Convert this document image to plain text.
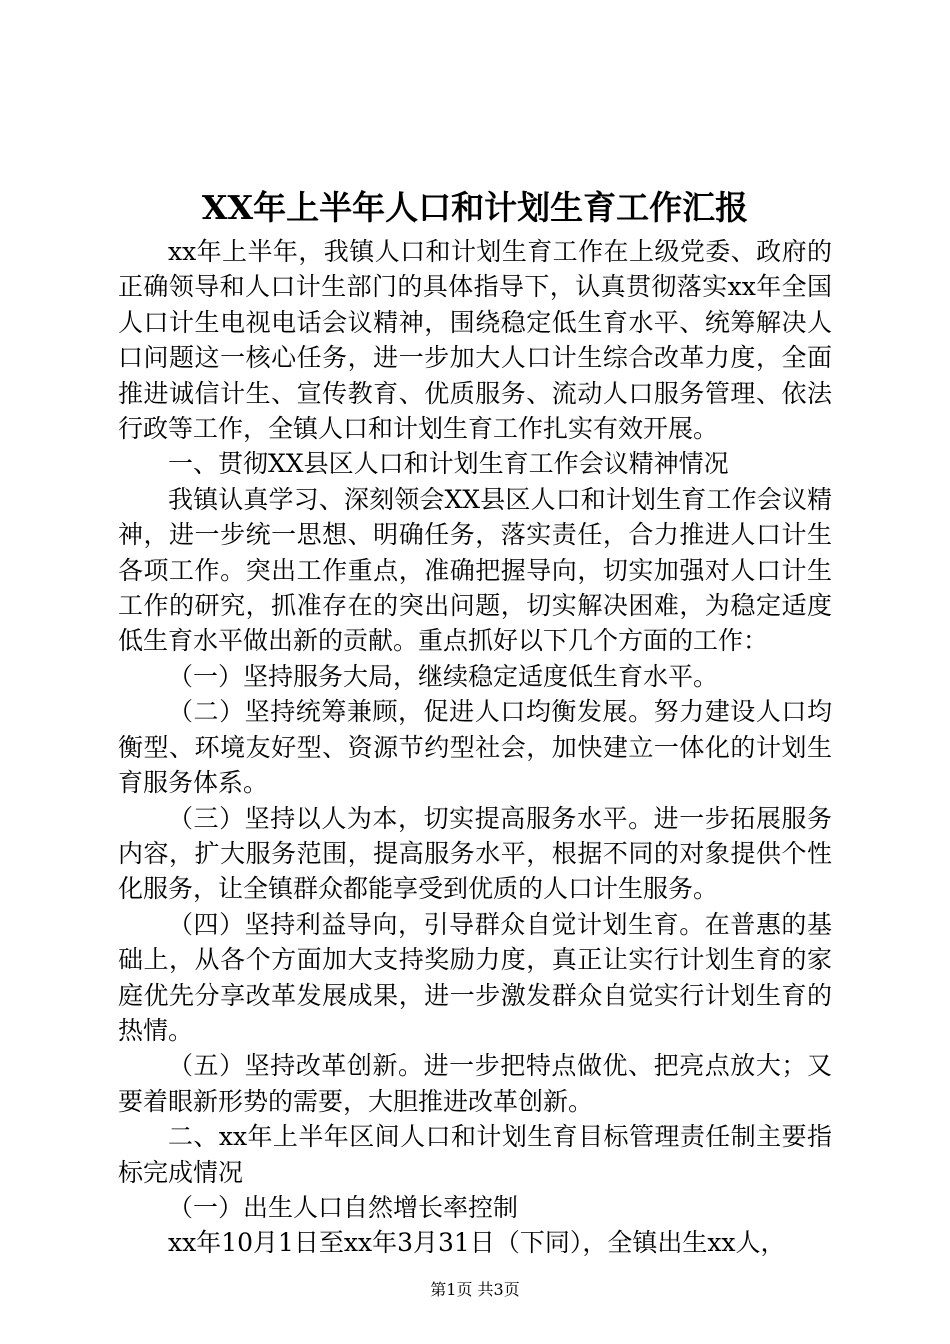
XX年上半年人口和计划生育工作汇报

xx年上半年，我镇人口和计划生育工作在上级党委、政府的正确领导和人口计生部门的具体指导下，认真贯彻落实xx年全国人口计生电视电话会议精神，围绕稳定低生育水平、统筹解决人口问题这一核心任务，进一步加大人口计生综合改革力度，全面推进诚信计生、宣传教育、优质服务、流动人口服务管理、依法行政等工作，全镇人口和计划生育工作扎实有效开展。

一、贯彻XX县区人口和计划生育工作会议精神情况

我镇认真学习、深刻领会XX县区人口和计划生育工作会议精神，进一步统一思想、明确任务，落实责任，合力推进人口计生各项工作。突出工作重点，准确把握导向，切实加强对人口计生工作的研究，抓准存在的突出问题，切实解决困难，为稳定适度低生育水平做出新的贡献。重点抓好以下几个方面的工作：

（一）坚持服务大局，继续稳定适度低生育水平。

（二）坚持统筹兼顾，促进人口均衡发展。努力建设人口均衡型、环境友好型、资源节约型社会，加快建立一体化的计划生育服务体系。

（三）坚持以人为本，切实提高服务水平。进一步拓展服务内容，扩大服务范围，提高服务水平，根据不同的对象提供个性化服务，让全镇群众都能享受到优质的人口计生服务。

（四）坚持利益导向，引导群众自觉计划生育。在普惠的基础上，从各个方面加大支持奖励力度，真正让实行计划生育的家庭优先分享改革发展成果，进一步激发群众自觉实行计划生育的热情。

（五）坚持改革创新。进一步把特点做优、把亮点放大；又要着眼新形势的需要，大胆推进改革创新。

二、xx年上半年区间人口和计划生育目标管理责任制主要指标完成情况

（一）出生人口自然增长率控制

xx年10月1日至xx年3月31日（下同），全镇出生xx人，

第1页 共3页
